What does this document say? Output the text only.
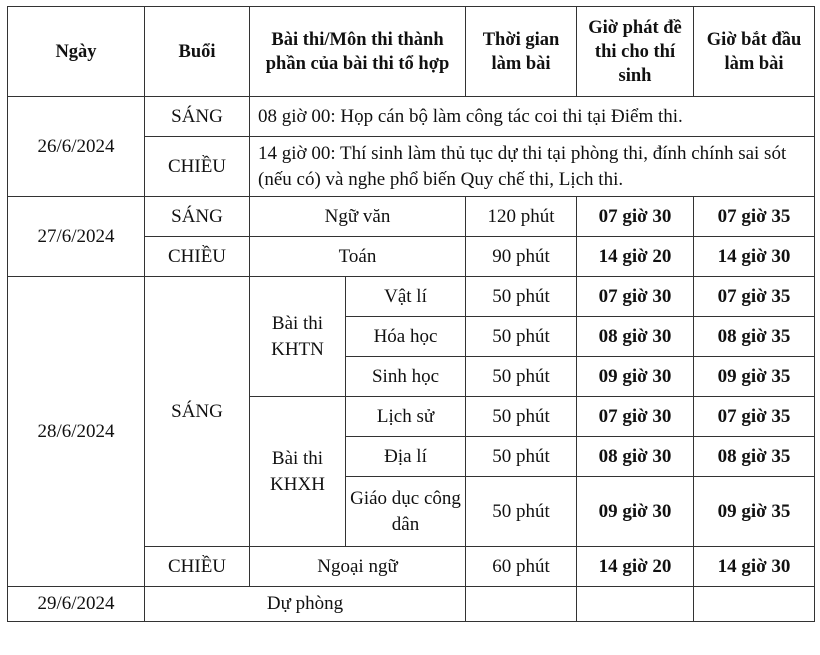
Ngày	Buổi	Bài thi/Môn thi thành phần của bài thi tổ hợp		Thời gian làm bài	Giờ phát đề thi cho thí sinh	Giờ bắt đầu làm bài
26/6/2024	SÁNG	08 giờ 00: Họp cán bộ làm công tác coi thi tại Điểm thi.				
	CHIỀU	14 giờ 00: Thí sinh làm thủ tục dự thi tại phòng thi, đính chính sai sót (nếu có) và nghe phổ biến Quy chế thi, Lịch thi.				
27/6/2024	SÁNG	Ngữ văn		120 phút	07 giờ 30	07 giờ 35
	CHIỀU	Toán		90 phút	14 giờ 20	14 giờ 30
28/6/2024	SÁNG	Bài thi KHTN	Vật lí	50 phút	07 giờ 30	07 giờ 35
			Hóa học	50 phút	08 giờ 30	08 giờ 35
			Sinh học	50 phút	09 giờ 30	09 giờ 35
		Bài thi KHXH	Lịch sử	50 phút	07 giờ 30	07 giờ 35
			Địa lí	50 phút	08 giờ 30	08 giờ 35
			Giáo dục công dân	50 phút	09 giờ 30	09 giờ 35
	CHIỀU	Ngoại ngữ		60 phút	14 giờ 20	14 giờ 30
29/6/2024	Dự phòng					
